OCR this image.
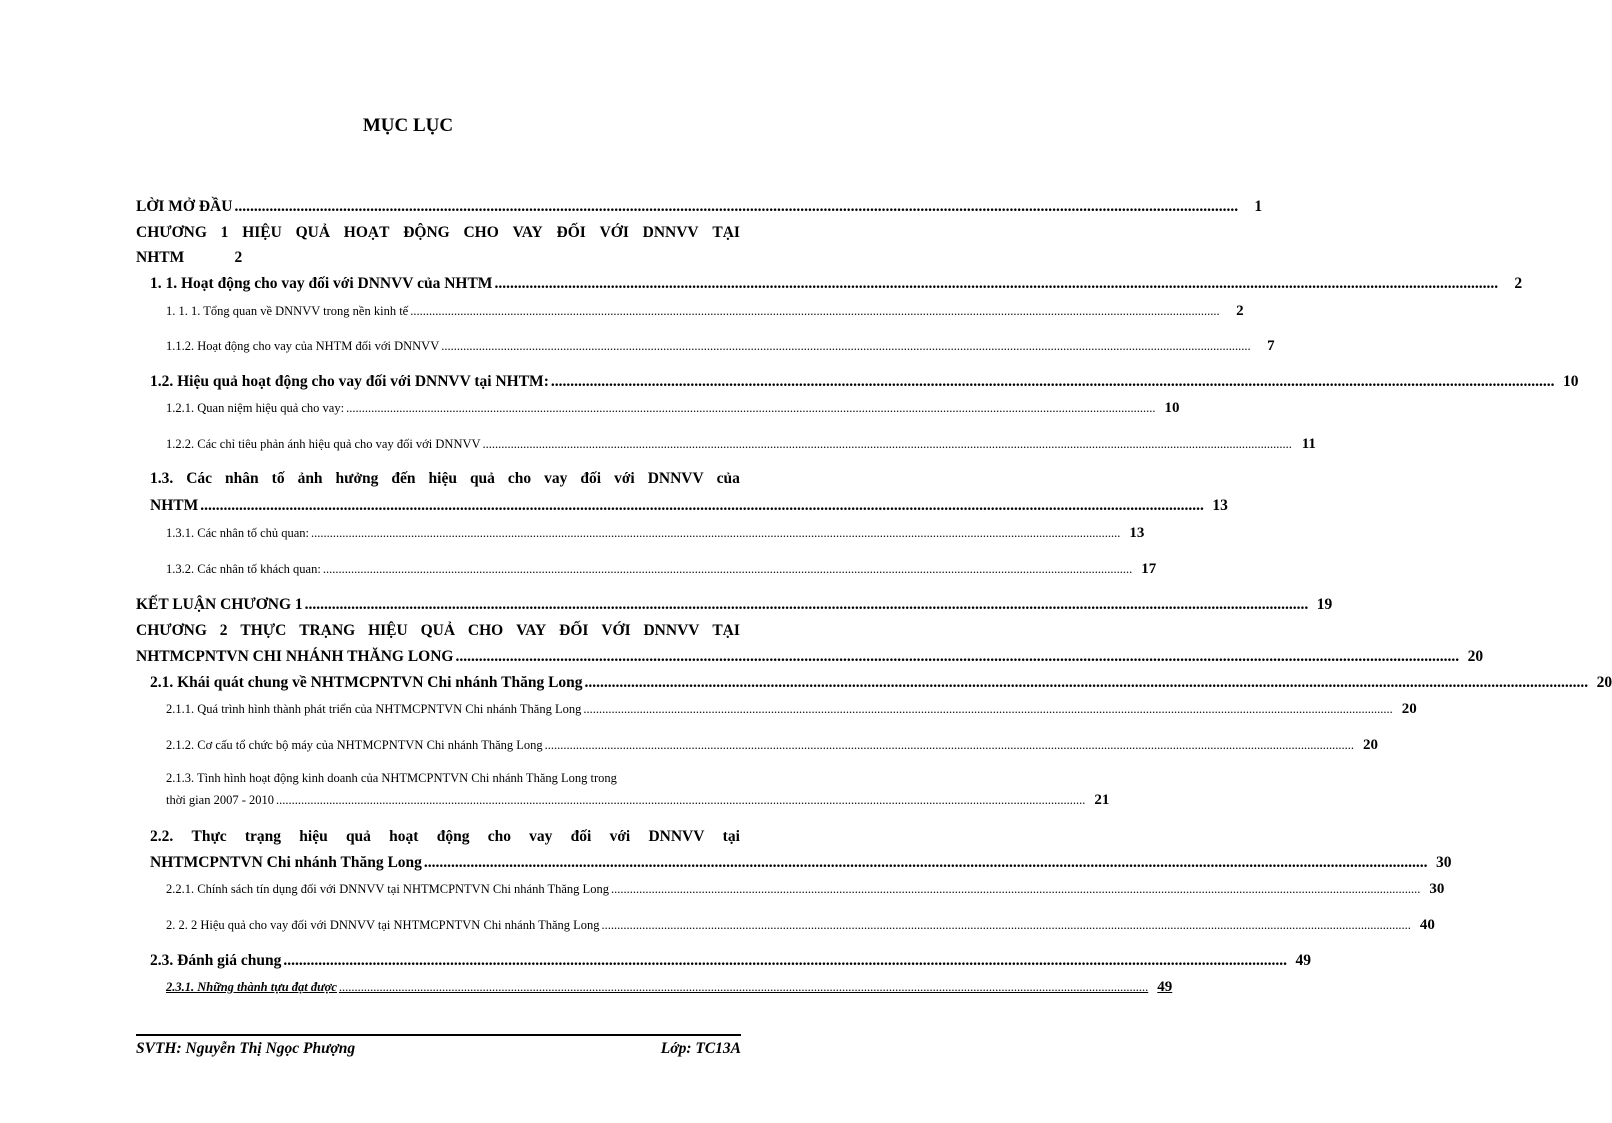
MỤC LỤC
LỜI MỞ ĐẦU ...................................................................................................................................................................................................................................................................	1
CHƯƠNG 1 HIỆU QUẢ HOẠT ĐỘNG CHO VAY ĐỐI VỚI DNNVV TẠI
NHTM	2
1. 1. Hoạt động cho vay đối với DNNVV của NHTM ...................................................................................................................................................................................................................................................................	2
1. 1. 1. Tổng quan về DNNVV trong nền kinh tế ...................................................................................................................................................................................................................................................................	2
1.1.2. Hoạt động cho vay của NHTM đối với DNNVV ...................................................................................................................................................................................................................................................................	7
1.2. Hiệu quả hoạt động cho vay đối với DNNVV tại NHTM: ................................................................................................................................................................................................................................................................... 10
1.2.1. Quan niệm hiệu quả cho vay: ................................................................................................................................................................................................................................................................... 10
1.2.2. Các chỉ tiêu phản ánh hiệu quả cho vay đối với DNNVV ................................................................................................................................................................................................................................................................... 11
1.3. Các nhân tố ảnh hưởng đến hiệu quả cho vay đối với DNNVV của
NHTM ................................................................................................................................................................................................................................................................... 13
1.3.1. Các nhân tố chủ quan: ................................................................................................................................................................................................................................................................... 13
1.3.2. Các nhân tố khách quan: ................................................................................................................................................................................................................................................................... 17
KẾT LUẬN CHƯƠNG 1 ................................................................................................................................................................................................................................................................... 19
CHƯƠNG 2 THỰC TRẠNG HIỆU QUẢ CHO VAY ĐỐI VỚI DNNVV TẠI
NHTMCPNTVN CHI NHÁNH THĂNG LONG ................................................................................................................................................................................................................................................................... 20
2.1. Khái quát chung về NHTMCPNTVN Chi nhánh Thăng Long ................................................................................................................................................................................................................................................................... 20
2.1.1. Quá trình hình thành phát triển của NHTMCPNTVN Chi nhánh Thăng Long ................................................................................................................................................................................................................................................................... 20
2.1.2. Cơ cấu tổ chức bộ máy của NHTMCPNTVN Chi nhánh Thăng Long ................................................................................................................................................................................................................................................................... 20
2.1.3. Tình hình hoạt động kinh doanh của NHTMCPNTVN Chi nhánh Thăng Long trong
thời gian 2007 - 2010 ................................................................................................................................................................................................................................................................... 21
2.2. Thực trạng hiệu quả hoạt động cho vay đối với DNNVV tại
NHTMCPNTVN Chi nhánh Thăng Long ................................................................................................................................................................................................................................................................... 30
2.2.1. Chính sách tín dụng đối với DNNVV tại NHTMCPNTVN Chi nhánh Thăng Long ................................................................................................................................................................................................................................................................... 30
2. 2. 2 Hiệu quả cho vay đối với DNNVV tại NHTMCPNTVN Chi nhánh Thăng Long ................................................................................................................................................................................................................................................................... 40
2.3. Đánh giá chung ................................................................................................................................................................................................................................................................... 49
2.3.1. Những thành tựu đạt được ................................................................................................................................................................................................................................................................... 49
SVTH: Nguyễn Thị Ngọc Phượng	Lớp: TC13A
